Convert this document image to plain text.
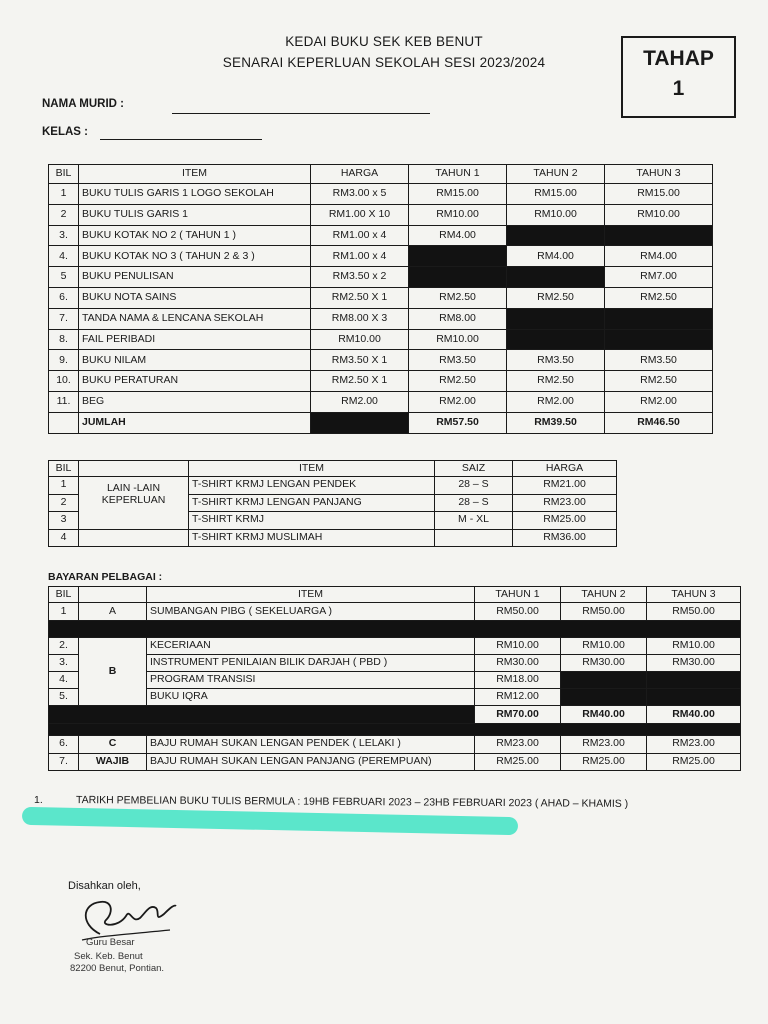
KEDAI BUKU SEK KEB BENUT
SENARAI KEPERLUAN SEKOLAH SESI 2023/2024	TAHAP
1
NAMA MURID :
KELAS :
BIL	ITEM	HARGA	TAHUN 1	TAHUN 2	TAHUN 3
1	BUKU TULIS GARIS 1 LOGO SEKOLAH	RM3.00 x 5	RM15.00	RM15.00	RM15.00
2	BUKU TULIS GARIS 1	RM1.00 X 10	RM10.00	RM10.00	RM10.00
3.	BUKU KOTAK NO 2 ( TAHUN 1 )	RM1.00 x 4	RM4.00		
4.	BUKU KOTAK NO 3 ( TAHUN 2 & 3 )	RM1.00 x 4		RM4.00	RM4.00
5	BUKU PENULISAN	RM3.50 x 2			RM7.00
6.	BUKU NOTA SAINS	RM2.50 X 1	RM2.50	RM2.50	RM2.50
7.	TANDA NAMA & LENCANA SEKOLAH	RM8.00 X 3	RM8.00		
8.	FAIL PERIBADI	RM10.00	RM10.00		
9.	BUKU NILAM	RM3.50 X 1	RM3.50	RM3.50	RM3.50
10.	BUKU PERATURAN	RM2.50 X 1	RM2.50	RM2.50	RM2.50
11.	BEG	RM2.00	RM2.00	RM2.00	RM2.00
	JUMLAH		RM57.50	RM39.50	RM46.50
BIL		ITEM	SAIZ	HARGA
1	LAIN -LAIN KEPERLUAN	T-SHIRT KRMJ LENGAN PENDEK	28 – S	RM21.00
2		T-SHIRT KRMJ LENGAN PANJANG	28 – S	RM23.00
3		T-SHIRT KRMJ	M - XL	RM25.00
4		T-SHIRT KRMJ MUSLIMAH		RM36.00
BAYARAN PELBAGAI :
BIL		ITEM	TAHUN 1	TAHUN 2	TAHUN 3
1	A	SUMBANGAN PIBG ( SEKELUARGA )	RM50.00	RM50.00	RM50.00

2.	B	KECERIAAN	RM10.00	RM10.00	RM10.00
3.		INSTRUMENT PENILAIAN BILIK DARJAH ( PBD )	RM30.00	RM30.00	RM30.00
4.		PROGRAM TRANSISI	RM18.00		
5.		BUKU IQRA	RM12.00		
			RM70.00	RM40.00	RM40.00

6.	C	BAJU RUMAH SUKAN LENGAN PENDEK ( LELAKI )	RM23.00	RM23.00	RM23.00
7.	WAJIB	BAJU RUMAH SUKAN LENGAN PANJANG (PEREMPUAN)	RM25.00	RM25.00	RM25.00
1.	TARIKH PEMBELIAN BUKU TULIS BERMULA : 19HB FEBRUARI 2023 – 23HB FEBRUARI 2023 ( AHAD – KHAMIS )
Disahkan oleh,
Guru Besar
Sek. Keb. Benut
82200 Benut, Pontian.
